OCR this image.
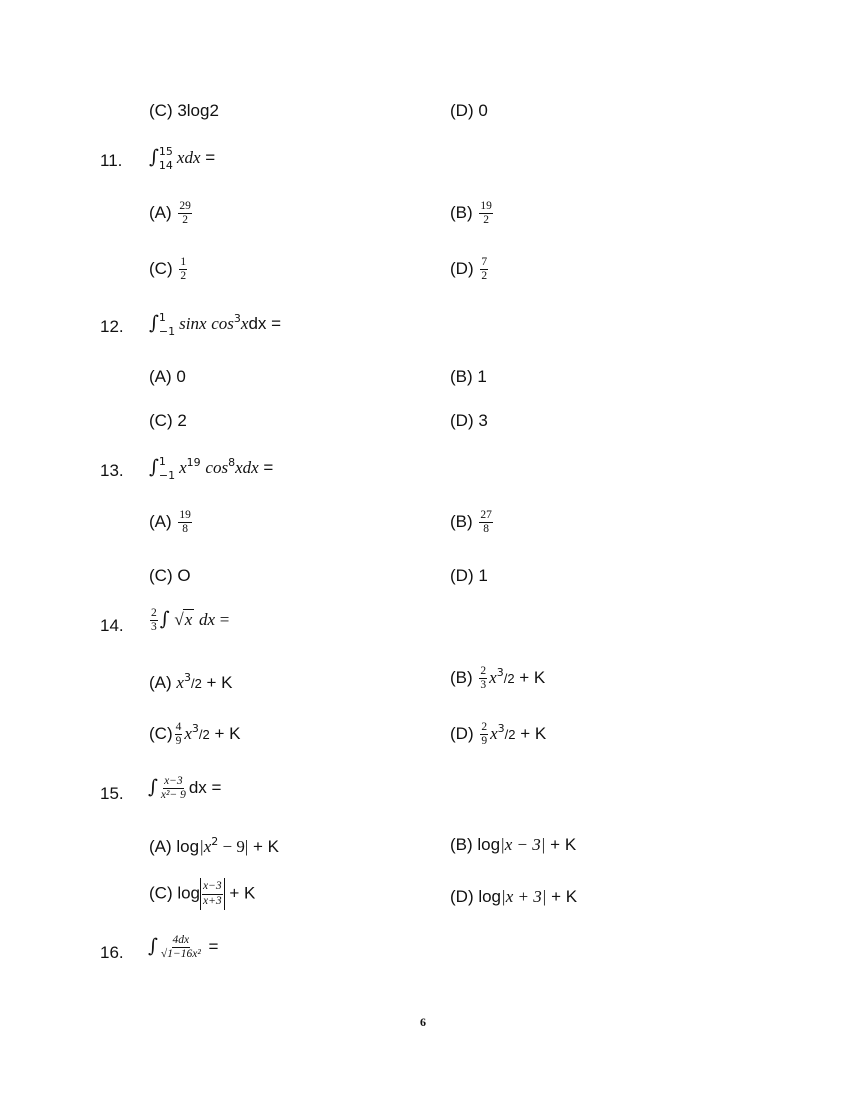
(C) 3log2	(D) 0
11. ∫ 15
14 xdx =
$(A) \frac{29}{2}$	$(B) \frac{19}{2}$
$(C) \frac{1}{2}$	$(D) \frac{7}{2}$
12. ∫ 1
−1 sinx $\cos^3xdx$ =
(A) 0	(B) 1
(C) 2	(D) 3
13. ∫ 1
−1 $x^{19}$ $\cos^8xdx$ =
$(A) \frac{19}{8}$	$(B) \frac{27}{8}$
(C) O	(D) 1
14. $\frac{2}{3}$ ∫ √x dx =
(A) $x^3/2 + K$	$(B) \frac{2}{3} x^3/2 + K$
$(C) \frac{4}{9} x^3/2 + K$	$(D) \frac{2}{9} x^3/2 + K$
15. ∫ $\frac{x-3}{\text{x²− 9}}$ dx =
(A) $\log|x^2 - 9| + K$	(B) log|x − 3| + K
(C) $\log \frac{x-3}{x+3} + K$	(D) log|x + 3| + K
16. ∫ $\frac{4dx}{\text{√1−16x²}}$ =
6
